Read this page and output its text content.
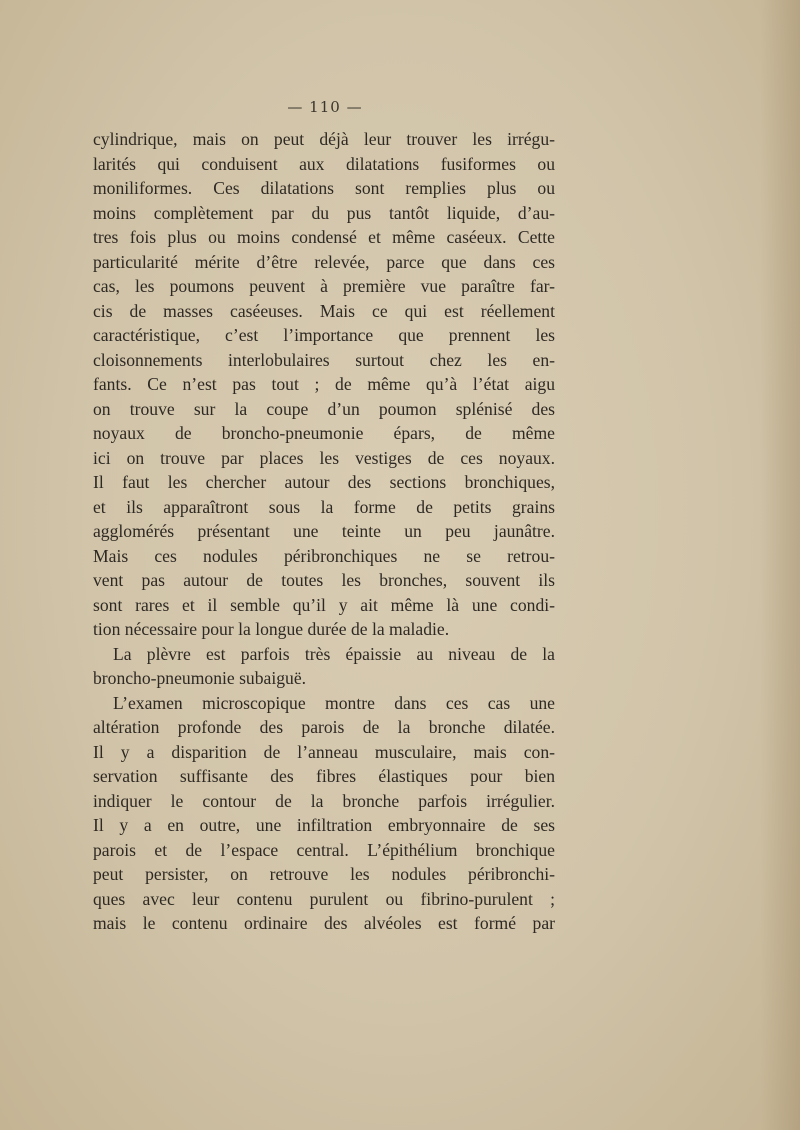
— 110 —
cylindrique, mais on peut déjà leur trouver les irrégu-
larités qui conduisent aux dilatations fusiformes ou
moniliformes. Ces dilatations sont remplies plus ou
moins complètement par du pus tantôt liquide, d’au-
tres fois plus ou moins condensé et même caséeux. Cette
particularité mérite d’être relevée, parce que dans ces
cas, les poumons peuvent à première vue paraître far-
cis de masses caséeuses. Mais ce qui est réellement
caractéristique, c’est l’importance que prennent les
cloisonnements interlobulaires surtout chez les en-
fants. Ce n’est pas tout ; de même qu’à l’état aigu
on trouve sur la coupe d’un poumon splénisé des
noyaux de broncho-pneumonie épars, de même
ici on trouve par places les vestiges de ces noyaux.
Il faut les chercher autour des sections bronchiques,
et ils apparaîtront sous la forme de petits grains
agglomérés présentant une teinte un peu jaunâtre.
Mais ces nodules péribronchiques ne se retrou-
vent pas autour de toutes les bronches, souvent ils
sont rares et il semble qu’il y ait même là une condi-
tion nécessaire pour la longue durée de la maladie.
La plèvre est parfois très épaissie au niveau de la
broncho-pneumonie subaiguë.
L’examen microscopique montre dans ces cas une
altération profonde des parois de la bronche dilatée.
Il y a disparition de l’anneau musculaire, mais con-
servation suffisante des fibres élastiques pour bien
indiquer le contour de la bronche parfois irrégulier.
Il y a en outre, une infiltration embryonnaire de ses
parois et de l’espace central. L’épithélium bronchique
peut persister, on retrouve les nodules péribronchi-
ques avec leur contenu purulent ou fibrino-purulent ;
mais le contenu ordinaire des alvéoles est formé par
